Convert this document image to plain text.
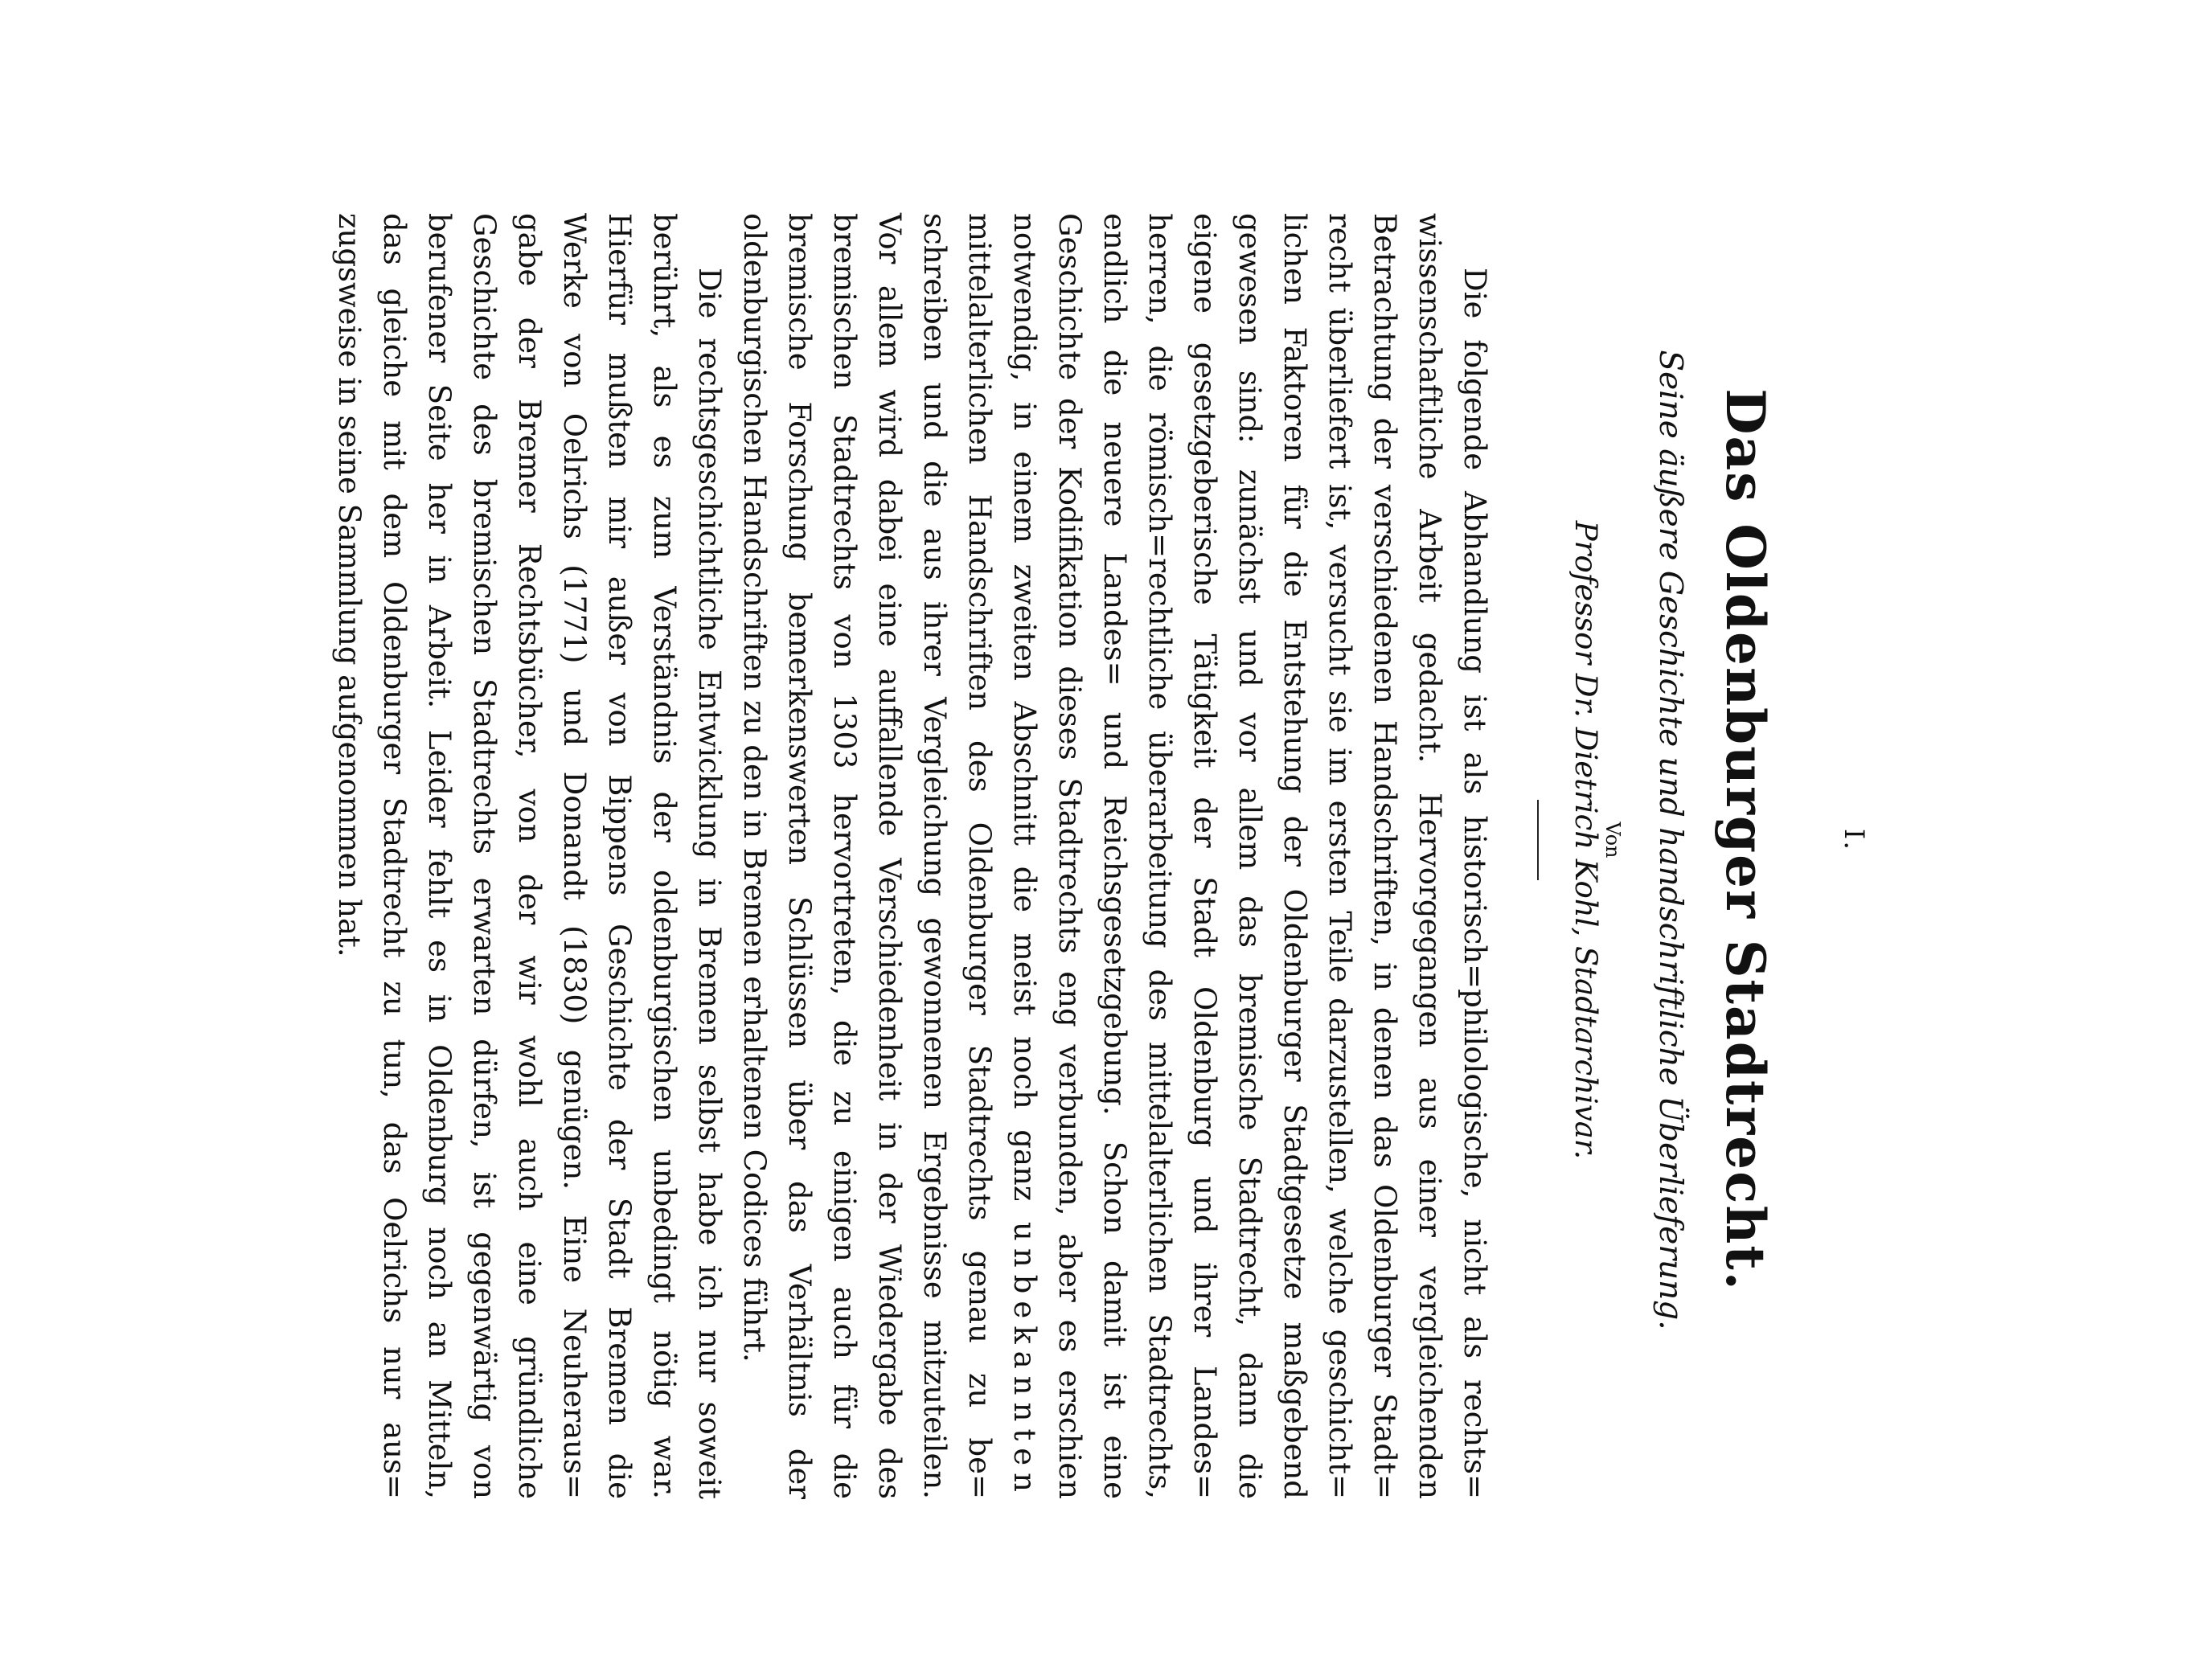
I.
Das Oldenburger Stadtrecht.
Seine äußere Geschichte und handschriftliche Überlieferung.
Von
Professor Dr. Dietrich Kohl, Stadtarchivar.
Die folgende Abhandlung ist als historisch=philologische, nicht als rechts=
wissenschaftliche Arbeit gedacht. Hervorgegangen aus einer vergleichenden
Betrachtung der verschiedenen Handschriften, in denen das Oldenburger Stadt=
recht überliefert ist, versucht sie im ersten Teile darzustellen, welche geschicht=
lichen Faktoren für die Entstehung der Oldenburger Stadtgesetze maßgebend
gewesen sind: zunächst und vor allem das bremische Stadtrecht, dann die
eigene gesetzgeberische Tätigkeit der Stadt Oldenburg und ihrer Landes=
herren, die römisch=rechtliche überarbeitung des mittelalterlichen Stadtrechts,
endlich die neuere Landes= und Reichsgesetzgebung. Schon damit ist eine
Geschichte der Kodifikation dieses Stadtrechts eng verbunden, aber es erschien
notwendig, in einem zweiten Abschnitt die meist noch ganz unbekannten
mittelalterlichen Handschriften des Oldenburger Stadtrechts genau zu be=
schreiben und die aus ihrer Vergleichung gewonnenen Ergebnisse mitzuteilen.
Vor allem wird dabei eine auffallende Verschiedenheit in der Wiedergabe des
bremischen Stadtrechts von 1303 hervortreten, die zu einigen auch für die
bremische Forschung bemerkenswerten Schlüssen über das Verhältnis der
oldenburgischen Handschriften zu den in Bremen erhaltenen Codices führt.
Die rechtsgeschichtliche Entwicklung in Bremen selbst habe ich nur soweit
berührt, als es zum Verständnis der oldenburgischen unbedingt nötig war.
Hierfür mußten mir außer von Bippens Geschichte der Stadt Bremen die
Werke von Oelrichs (1771) und Donandt (1830) genügen. Eine Neuheraus=
gabe der Bremer Rechtsbücher, von der wir wohl auch eine gründliche
Geschichte des bremischen Stadtrechts erwarten dürfen, ist gegenwärtig von
berufener Seite her in Arbeit. Leider fehlt es in Oldenburg noch an Mitteln,
das gleiche mit dem Oldenburger Stadtrecht zu tun, das Oelrichs nur aus=
zugsweise in seine Sammlung aufgenommen hat.
